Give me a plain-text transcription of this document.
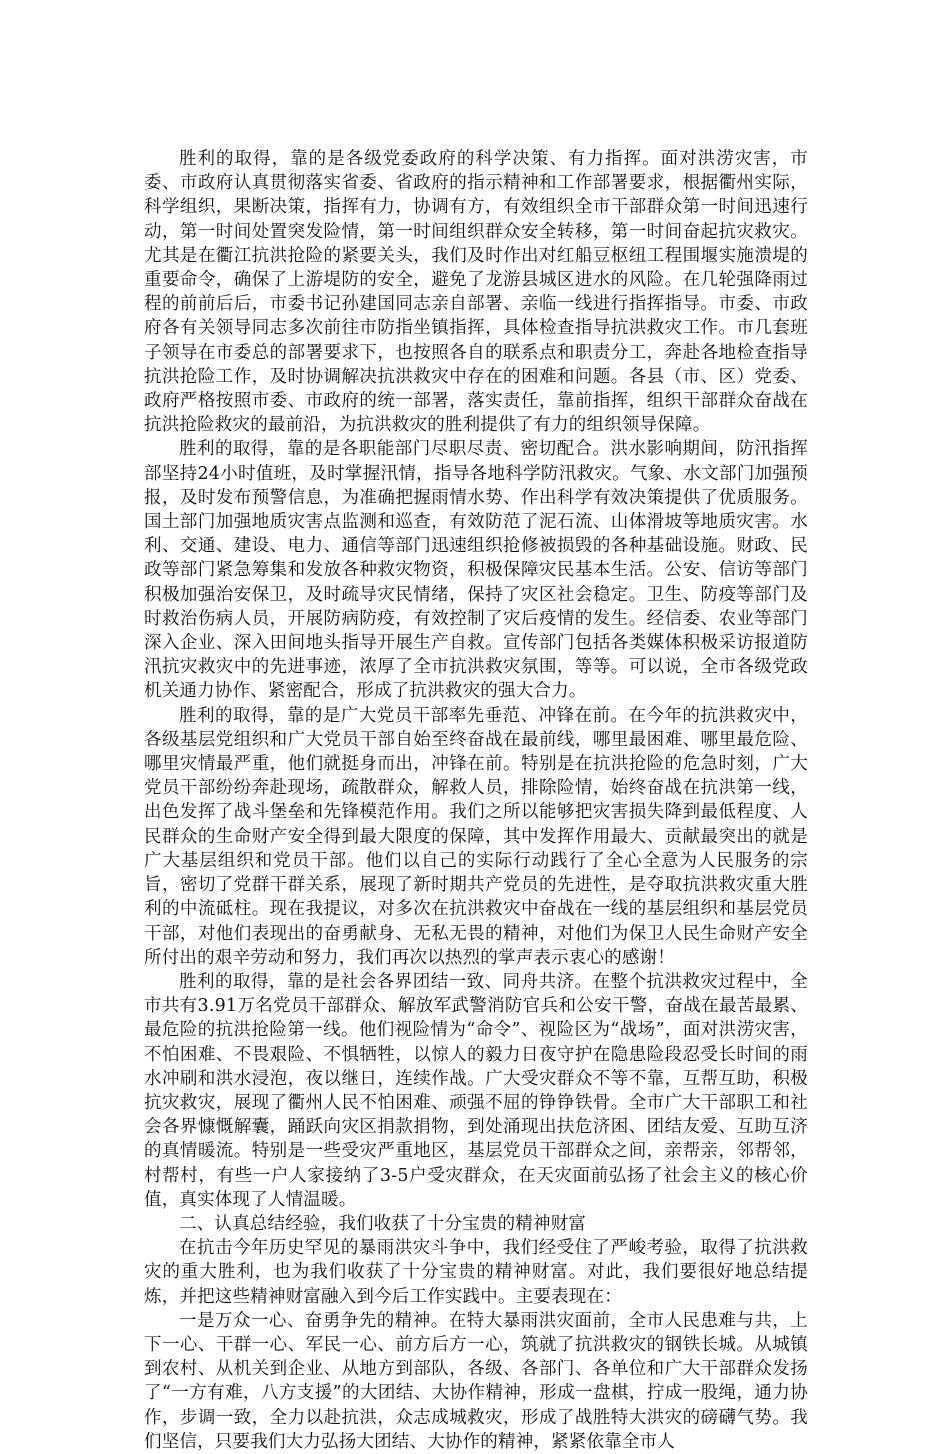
胜利的取得，靠的是各级党委政府的科学决策、有力指挥。面对洪涝灾害，市委、市政府认真贯彻落实省委、省政府的指示精神和工作部署要求，根据衢州实际，科学组织，果断决策，指挥有力，协调有方，有效组织全市干部群众第一时间迅速行动，第一时间处置突发险情，第一时间组织群众安全转移，第一时间奋起抗灾救灾。尤其是在衢江抗洪抢险的紧要关头，我们及时作出对红船豆枢纽工程围堰实施溃堤的重要命令，确保了上游堤防的安全，避免了龙游县城区进水的风险。在几轮强降雨过程的前前后后，市委书记孙建国同志亲自部署、亲临一线进行指挥指导。市委、市政府各有关领导同志多次前往市防指坐镇指挥，具体检查指导抗洪救灾工作。市几套班子领导在市委总的部署要求下，也按照各自的联系点和职责分工，奔赴各地检查指导抗洪抢险工作，及时协调解决抗洪救灾中存在的困难和问题。各县（市、区）党委、政府严格按照市委、市政府的统一部署，落实责任，靠前指挥，组织干部群众奋战在抗洪抢险救灾的最前沿，为抗洪救灾的胜利提供了有力的组织领导保障。

胜利的取得，靠的是各职能部门尽职尽责、密切配合。洪水影响期间，防汛指挥部坚持24小时值班，及时掌握汛情，指导各地科学防汛救灾。气象、水文部门加强预报，及时发布预警信息，为准确把握雨情水势、作出科学有效决策提供了优质服务。国土部门加强地质灾害点监测和巡查，有效防范了泥石流、山体滑坡等地质灾害。水利、交通、建设、电力、通信等部门迅速组织抢修被损毁的各种基础设施。财政、民政等部门紧急筹集和发放各种救灾物资，积极保障灾民基本生活。公安、信访等部门积极加强治安保卫，及时疏导灾民情绪，保持了灾区社会稳定。卫生、防疫等部门及时救治伤病人员，开展防病防疫，有效控制了灾后疫情的发生。经信委、农业等部门深入企业、深入田间地头指导开展生产自救。宣传部门包括各类媒体积极采访报道防汛抗灾救灾中的先进事迹，浓厚了全市抗洪救灾氛围，等等。可以说，全市各级党政机关通力协作、紧密配合，形成了抗洪救灾的强大合力。

胜利的取得，靠的是广大党员干部率先垂范、冲锋在前。在今年的抗洪救灾中，各级基层党组织和广大党员干部自始至终奋战在最前线，哪里最困难、哪里最危险、哪里灾情最严重，他们就挺身而出，冲锋在前。特别是在抗洪抢险的危急时刻，广大党员干部纷纷奔赴现场，疏散群众，解救人员，排除险情，始终奋战在抗洪第一线，出色发挥了战斗堡垒和先锋模范作用。我们之所以能够把灾害损失降到最低程度、人民群众的生命财产安全得到最大限度的保障，其中发挥作用最大、贡献最突出的就是广大基层组织和党员干部。他们以自己的实际行动践行了全心全意为人民服务的宗旨，密切了党群干群关系，展现了新时期共产党员的先进性，是夺取抗洪救灾重大胜利的中流砥柱。现在我提议，对多次在抗洪救灾中奋战在一线的基层组织和基层党员干部，对他们表现出的奋勇献身、无私无畏的精神，对他们为保卫人民生命财产安全所付出的艰辛劳动和努力，我们再次以热烈的掌声表示衷心的感谢！

胜利的取得，靠的是社会各界团结一致、同舟共济。在整个抗洪救灾过程中，全市共有3.91万名党员干部群众、解放军武警消防官兵和公安干警，奋战在最苦最累、最危险的抗洪抢险第一线。他们视险情为“命令”、视险区为“战场”，面对洪涝灾害，不怕困难、不畏艰险、不惧牺牲，以惊人的毅力日夜守护在隐患险段忍受长时间的雨水冲刷和洪水浸泡，夜以继日，连续作战。广大受灾群众不等不靠，互帮互助，积极抗灾救灾，展现了衢州人民不怕困难、顽强不屈的铮铮铁骨。全市广大干部职工和社会各界慷慨解囊，踊跃向灾区捐款捐物，到处涌现出扶危济困、团结友爱、互助互济的真情暖流。特别是一些受灾严重地区，基层党员干部群众之间，亲帮亲，邻帮邻，村帮村，有些一户人家接纳了3-5户受灾群众，在天灾面前弘扬了社会主义的核心价值，真实体现了人情温暖。

二、认真总结经验，我们收获了十分宝贵的精神财富

在抗击今年历史罕见的暴雨洪灾斗争中，我们经受住了严峻考验，取得了抗洪救灾的重大胜利，也为我们收获了十分宝贵的精神财富。对此，我们要很好地总结提炼，并把这些精神财富融入到今后工作实践中。主要表现在：

一是万众一心、奋勇争先的精神。在特大暴雨洪灾面前，全市人民患难与共，上下一心、干群一心、军民一心、前方后方一心，筑就了抗洪救灾的钢铁长城。从城镇到农村、从机关到企业、从地方到部队，各级、各部门、各单位和广大干部群众发扬了“一方有难，八方支援”的大团结、大协作精神，形成一盘棋，拧成一股绳，通力协作，步调一致，全力以赴抗洪，众志成城救灾，形成了战胜特大洪灾的磅礴气势。我们坚信，只要我们大力弘扬大团结、大协作的精神，紧紧依靠全市人
